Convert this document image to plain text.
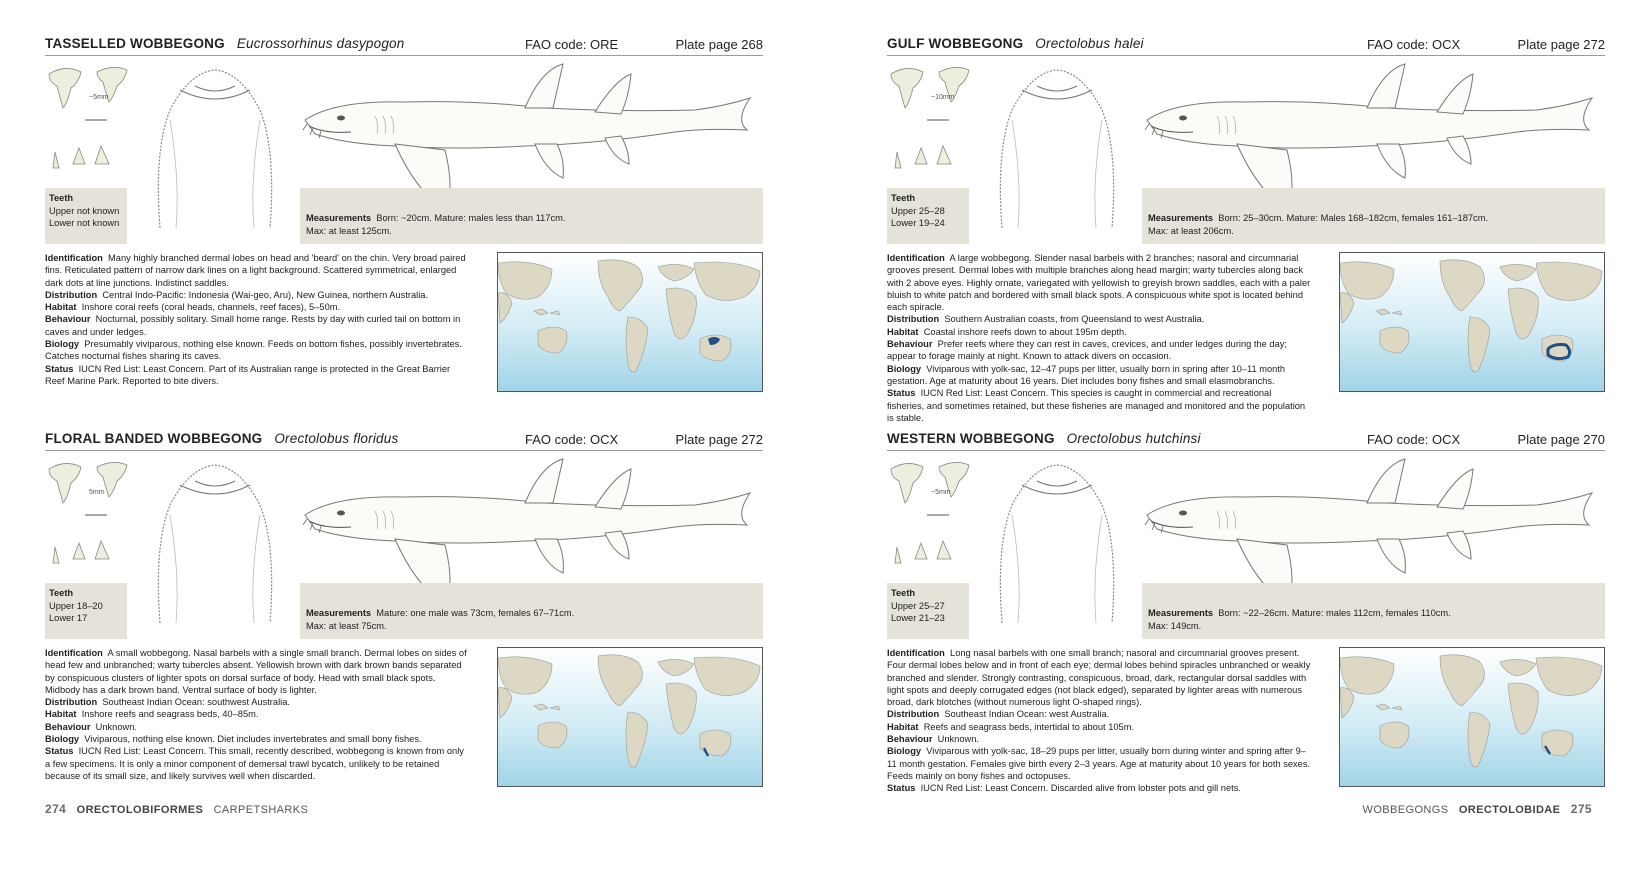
TASSELLED WOBBEGONG Eucrossorhinus dasypogon	FAO code: ORE	Plate page 268
~5mm
Teeth
Upper not known
Lower not known	Measurements Born: ~20cm. Mature: males less than 117cm.
Max: at least 125cm.
Identification Many highly branched dermal lobes on head and 'beard' on the chin. Very broad paired fins. Reticulated pattern of narrow dark lines on a light background. Scattered symmetrical, enlarged dark dots at line junctions. Indistinct saddles.
Distribution Central Indo-Pacific: Indonesia (Wai-geo, Aru), New Guinea, northern Australia.
Habitat Inshore coral reefs (coral heads, channels, reef faces), 5–50m.
Behaviour Nocturnal, possibly solitary. Small home range. Rests by day with curled tail on bottom in caves and under ledges.
Biology Presumably viviparous, nothing else known. Feeds on bottom fishes, possibly invertebrates. Catches nocturnal fishes sharing its caves.
Status IUCN Red List: Least Concern. Part of its Australian range is protected in the Great Barrier Reef Marine Park. Reported to bite divers.
GULF WOBBEGONG Orectolobus halei	FAO code: OCX	Plate page 272
~10mm
Teeth
Upper 25–28
Lower 19–24	Measurements Born: 25–30cm. Mature: Males 168–182cm, females 161–187cm.
Max: at least 206cm.
Identification A large wobbegong. Slender nasal barbels with 2 branches; nasoral and circumnarial grooves present. Dermal lobes with multiple branches along head margin; warty tubercles along back with 2 above eyes. Highly ornate, variegated with yellowish to greyish brown saddles, each with a paler bluish to white patch and bordered with small black spots. A conspicuous white spot is located behind each spiracle.
Distribution Southern Australian coasts, from Queensland to west Australia.
Habitat Coastal inshore reefs down to about 195m depth.
Behaviour Prefer reefs where they can rest in caves, crevices, and under ledges during the day; appear to forage mainly at night. Known to attack divers on occasion.
Biology Viviparous with yolk-sac, 12–47 pups per litter, usually born in spring after 10–11 month gestation. Age at maturity about 16 years. Diet includes bony fishes and small elasmobranchs.
Status IUCN Red List: Least Concern. This species is caught in commercial and recreational fisheries, and sometimes retained, but these fisheries are managed and monitored and the population is stable.
FLORAL BANDED WOBBEGONG Orectolobus floridus	FAO code: OCX	Plate page 272
5mm
Teeth
Upper 18–20
Lower 17	Measurements Mature: one male was 73cm, females 67–71cm.
Max: at least 75cm.
Identification A small wobbegong. Nasal barbels with a single small branch. Dermal lobes on sides of head few and unbranched; warty tubercles absent. Yellowish brown with dark brown bands separated by conspicuous clusters of lighter spots on dorsal surface of body. Head with small black spots. Midbody has a dark brown band. Ventral surface of body is lighter.
Distribution Southeast Indian Ocean: southwest Australia.
Habitat Inshore reefs and seagrass beds, 40–85m.
Behaviour Unknown.
Biology Viviparous, nothing else known. Diet includes invertebrates and small bony fishes.
Status IUCN Red List: Least Concern. This small, recently described, wobbegong is known from only a few specimens. It is only a minor component of demersal trawl bycatch, unlikely to be retained because of its small size, and likely survives well when discarded.
WESTERN WOBBEGONG Orectolobus hutchinsi	FAO code: OCX	Plate page 270
~5mm
Teeth
Upper 25–27
Lower 21–23	Measurements Born: ~22–26cm. Mature: males 112cm, females 110cm.
Max: 149cm.
Identification Long nasal barbels with one small branch; nasoral and circumnarial grooves present. Four dermal lobes below and in front of each eye; dermal lobes behind spiracles unbranched or weakly branched and slender. Strongly contrasting, conspicuous, broad, dark, rectangular dorsal saddles with light spots and deeply corrugated edges (not black edged), separated by lighter areas with numerous broad, dark blotches (without numerous light O-shaped rings).
Distribution Southeast Indian Ocean: west Australia.
Habitat Reefs and seagrass beds, intertidal to about 105m.
Behaviour Unknown.
Biology Viviparous with yolk-sac, 18–29 pups per litter, usually born during winter and spring after 9–11 month gestation. Females give birth every 2–3 years. Age at maturity about 10 years for both sexes. Feeds mainly on bony fishes and octopuses.
Status IUCN Red List: Least Concern. Discarded alive from lobster pots and gill nets.
274 ORECTOLOBIFORMES CARPETSHARKS	WOBBEGONGS ORECTOLOBIDAE 275
